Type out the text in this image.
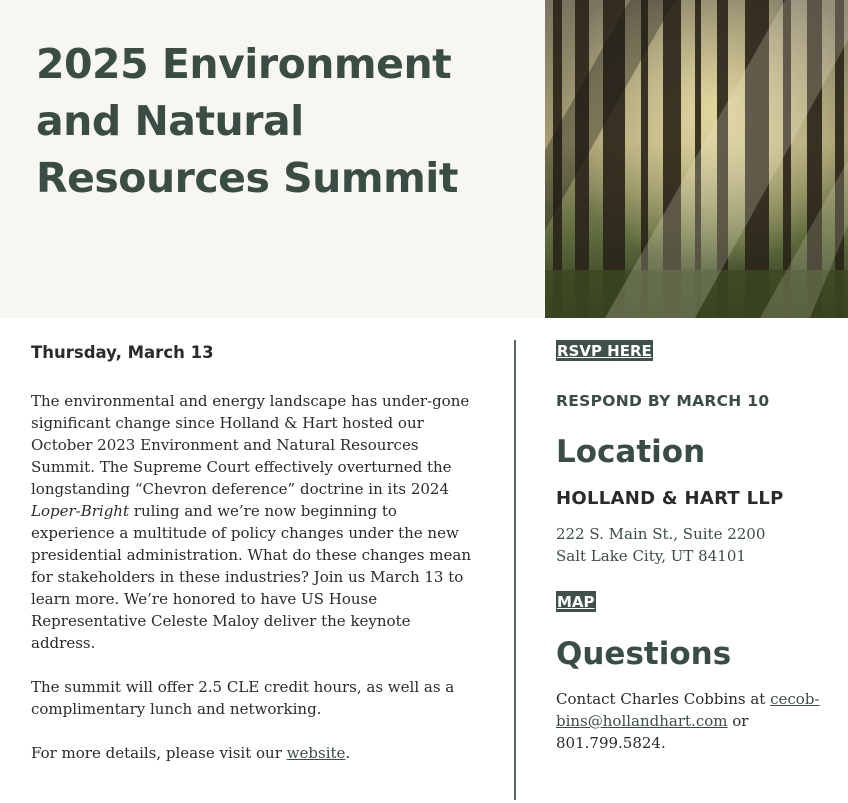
2025 Environment
and Natural
Resources Summit
Thursday, March 13

The environmental and energy landscape has under-gone significant change since Holland & Hart hosted our October 2023 Environment and Natural Resources Summit. The Supreme Court effectively overturned the longstanding “Chevron deference” doctrine in its 2024 Loper-Bright ruling and we’re now beginning to experience a multitude of policy changes under the new presidential administration. What do these changes mean for stakeholders in these industries? Join us March 13 to learn more. We’re honored to have US House Representative Celeste Maloy deliver the keynote address.

The summit will offer 2.5 CLE credit hours, as well as a complimentary lunch and networking.

For more details, please visit our website.

RSVP HERE
RESPOND BY MARCH 10
Location
HOLLAND & HART LLP
222 S. Main St., Suite 2200
Salt Lake City, UT 84101
MAP
Questions

Contact Charles Cobbins at cecob-bins@hollandhart.com or
801.799.5824.
